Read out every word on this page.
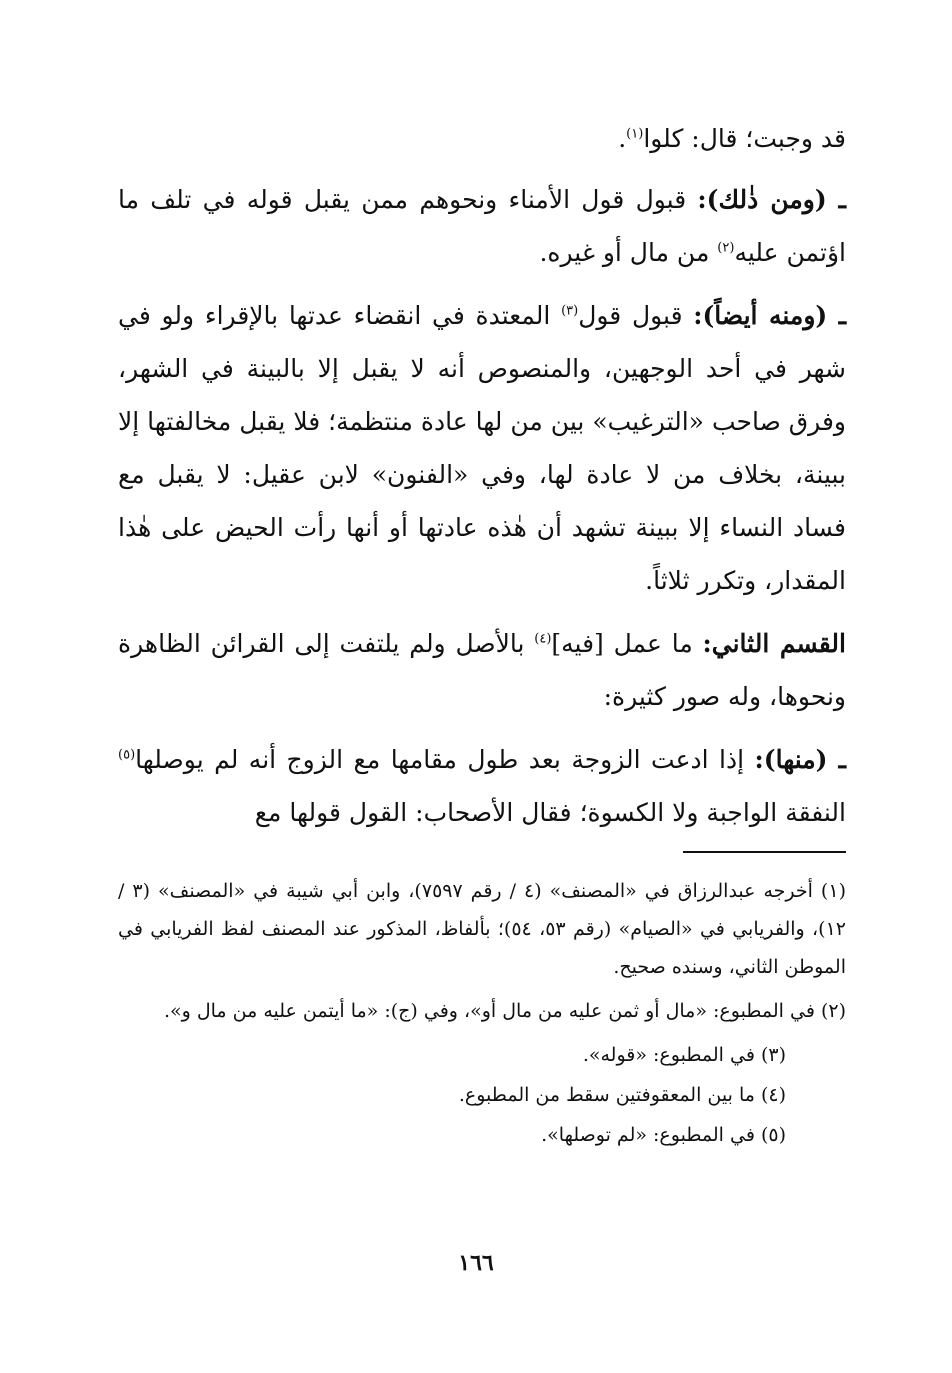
قد وجبت؛ قال: كلوا$^{(١)}$.

ـ (ومن ذٰلك): قبول قول الأمناء ونحوهم ممن يقبل قوله في تلف ما اؤتمن عليه$^{(٢)}$ من مال أو غيره.

ـ (ومنه أيضاً): قبول قول$^{(٣)}$ المعتدة في انقضاء عدتها بالإقراء ولو في شهر في أحد الوجهين، والمنصوص أنه لا يقبل إلا بالبينة في الشهر، وفرق صاحب «الترغيب» بين من لها عادة منتظمة؛ فلا يقبل مخالفتها إلا ببينة، بخلاف من لا عادة لها، وفي «الفنون» لابن عقيل: لا يقبل مع فساد النساء إلا ببينة تشهد أن هٰذه عادتها أو أنها رأت الحيض على هٰذا المقدار، وتكرر ثلاثاً.

القسم الثاني: ما عمل [فيه]$^{(٤)}$ بالأصل ولم يلتفت إلى القرائن الظاهرة ونحوها، وله صور كثيرة:

ـ (منها): إذا ادعت الزوجة بعد طول مقامها مع الزوج أنه لم يوصلها$^{(٥)}$ النفقة الواجبة ولا الكسوة؛ فقال الأصحاب: القول قولها مع

(١) أخرجه عبدالرزاق في «المصنف» (٤ / رقم ٧٥٩٧)، وابن أبي شيبة في «المصنف» (٣ / ١٢)، والفريابي في «الصيام» (رقم ٥٣، ٥٤)؛ بألفاظ، المذكور عند المصنف لفظ الفريابي في الموطن الثاني، وسنده صحيح.

(٢) في المطبوع: «مال أو ثمن عليه من مال أو»، وفي (ج): «ما أيتمن عليه من مال و».

(٣) في المطبوع: «قوله».

(٤) ما بين المعقوفتين سقط من المطبوع.

(٥) في المطبوع: «لم توصلها».

١٦٦
